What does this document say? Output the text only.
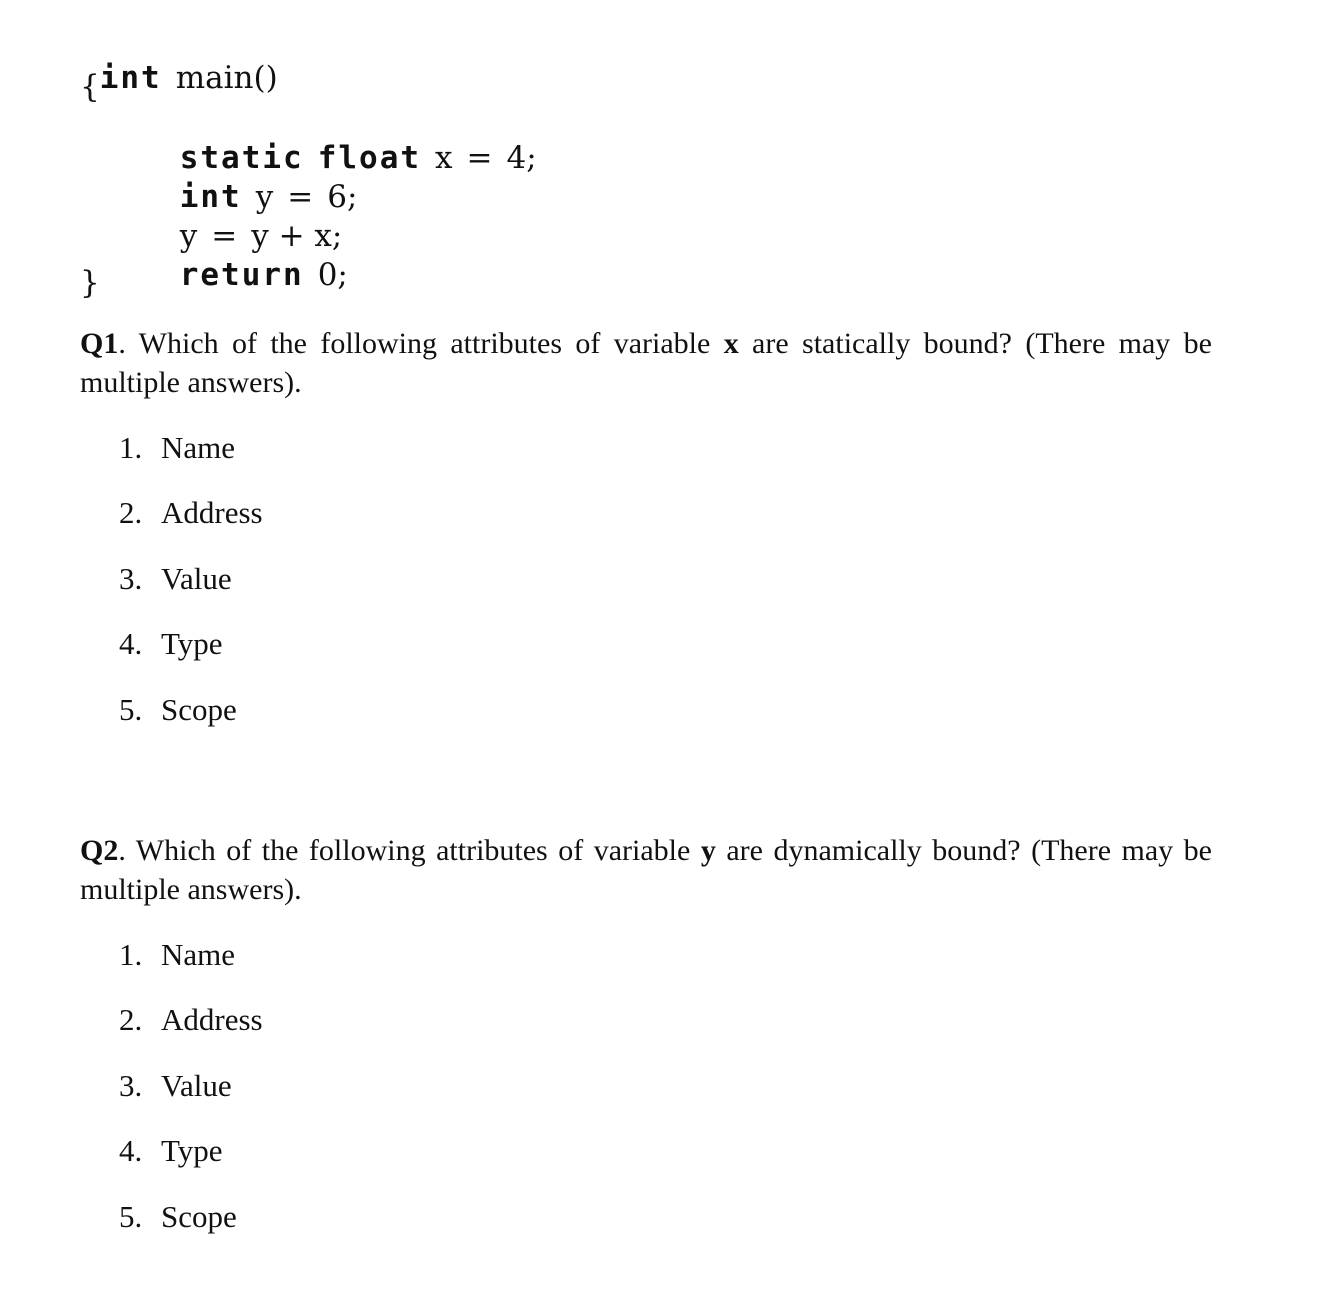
int main()

{

static float x = 4;

int y = 6;

y = y + x;

return 0;

}
Q1. Which of the following attributes of variable x are statically bound? (There may be multiple answers).
1. Name
2. Address
3. Value
4. Type
5. Scope
Q2. Which of the following attributes of variable y are dynamically bound? (There may be multiple answers).
1. Name
2. Address
3. Value
4. Type
5. Scope
